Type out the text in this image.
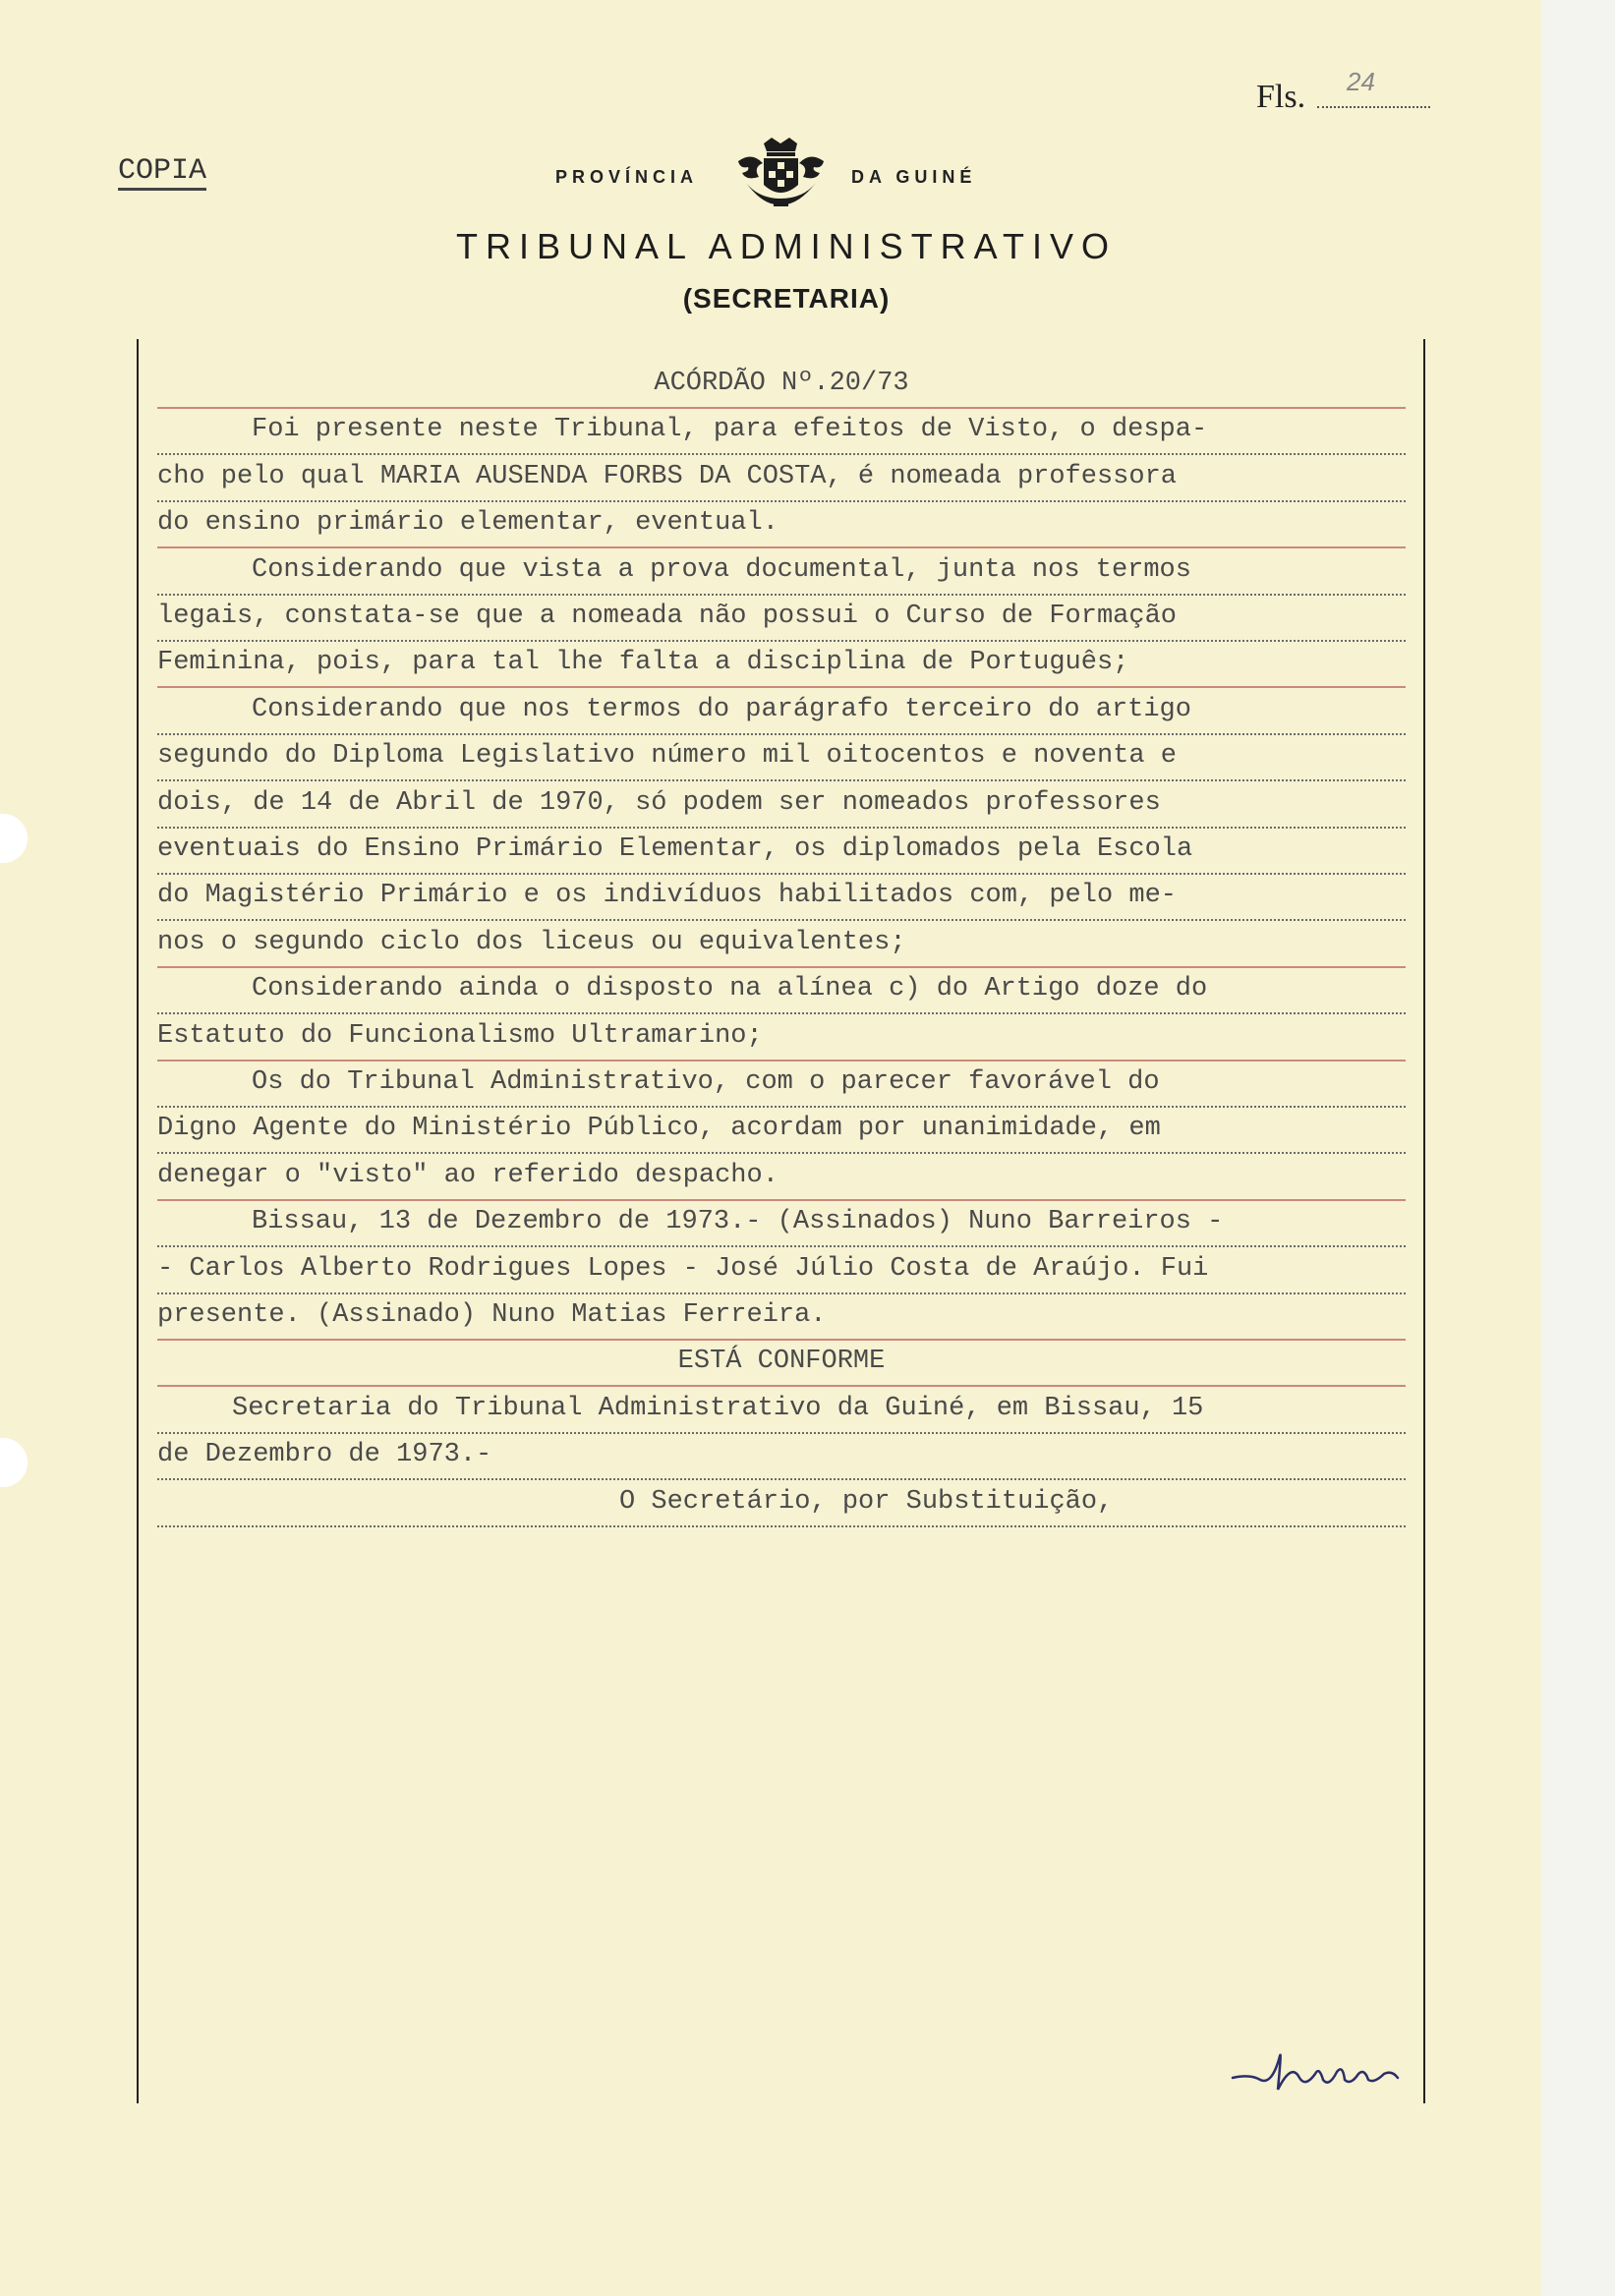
Fls. 24
COPIA	PROVÍNCIA	DA GUINÉ
TRIBUNAL ADMINISTRATIVO
(SECRETARIA)
ACÓRDÃO Nº.20/73
Foi presente neste Tribunal, para efeitos de Visto, o despa-
cho pelo qual MARIA AUSENDA FORBS DA COSTA, é nomeada professora
do ensino primário elementar, eventual.
Considerando que vista a prova documental, junta nos termos
legais, constata-se que a nomeada não possui o Curso de Formação
Feminina, pois, para tal lhe falta a disciplina de Português;
Considerando que nos termos do parágrafo terceiro do artigo
segundo do Diploma Legislativo número mil oitocentos e noventa e
dois, de 14 de Abril de 1970, só podem ser nomeados professores
eventuais do Ensino Primário Elementar, os diplomados pela Escola
do Magistério Primário e os indivíduos habilitados com, pelo me-
nos o segundo ciclo dos liceus ou equivalentes;
Considerando ainda o disposto na alínea c) do Artigo doze do
Estatuto do Funcionalismo Ultramarino;
Os do Tribunal Administrativo, com o parecer favorável do
Digno Agente do Ministério Público, acordam por unanimidade, em
denegar o "visto" ao referido despacho.
Bissau, 13 de Dezembro de 1973.- (Assinados) Nuno Barreiros -
- Carlos Alberto Rodrigues Lopes - José Júlio Costa de Araújo. Fui
presente. (Assinado) Nuno Matias Ferreira.
ESTÁ CONFORME
Secretaria do Tribunal Administrativo da Guiné, em Bissau, 15
de Dezembro de 1973.-
O Secretário, por Substituição,
